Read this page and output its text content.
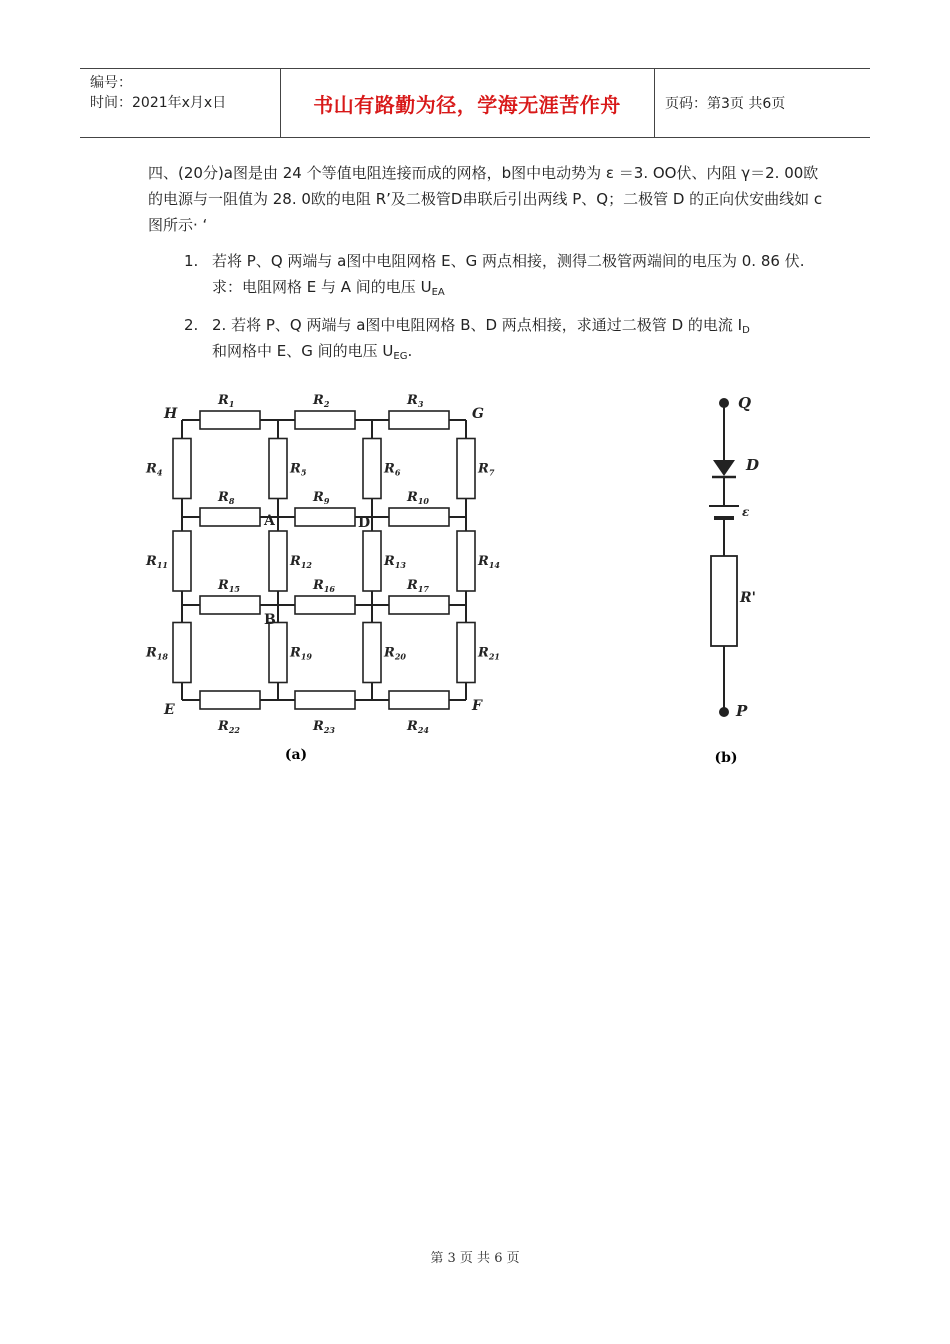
编号：
时间：2021年x月x日	书山有路勤为径，学海无涯苦作舟	页码：第3页 共6页
四、(20分)a图是由 24 个等值电阻连接而成的网格，b图中电动势为 ε ＝3. OO伏、内阻 γ＝2. 00欧的电源与一阻值为 28. 0欧的电阻 R’及二极管D串联后引出两线 P、Q；二极管 D 的正向伏安曲线如 c图所示· ‘
1. 若将 P、Q 两端与 a图中电阻网格 E、G 两点相接，测得二极管两端间的电压为 0. 86 伏. 求：电阻网格 E 与 A 间的电压 $U_{EA}$
2. 2. 若将 P、Q 两端与 a图中电阻网格 B、D 两点相接，求通过二极管 D 的电流 $I_D$
和网格中 E、G 间的电压 $U_{EG}$.
$R_1$	$R_2$	$R_3$
$R_4$	$R_5$	$R_6$	$R_7$
$R_8$	$R_9$	$R_{10}$
$R_{11}$	$R_{12}$	$R_{13}$	$R_{14}$
$R_{15}$	$R_{16}$	$R_{17}$
$R_{18}$	$R_{19}$	$R_{20}$	$R_{21}$
$R_{22}$	$R_{23}$	$R_{24}$
H	G
A	D
B
E	F
(a)
Q
D
ε
R'
P
(b)
第 3 页 共 6 页
